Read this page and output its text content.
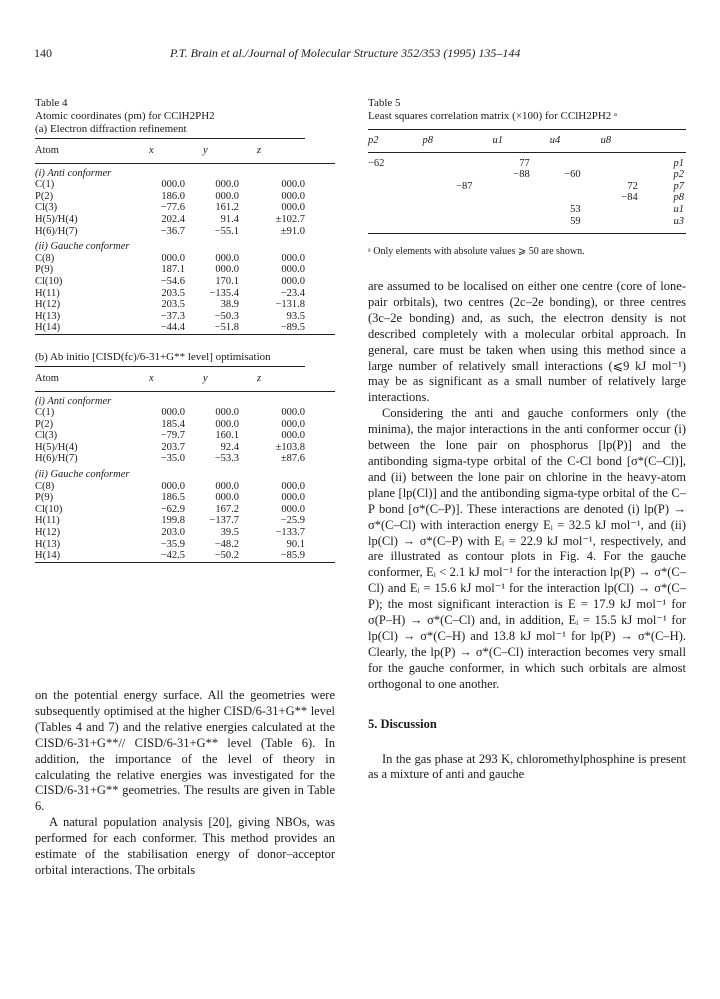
140	P.T. Brain et al./Journal of Molecular Structure 352/353 (1995) 135–144
Table 4
Atomic coordinates (pm) for CClH2PH2
(a) Electron diffraction refinement
Atom	x	y	z	
(i) Anti conformer				
C(1)	000.0	000.0	000.0	
P(2)	186.0	000.0	000.0	
Cl(3)	−77.6	161.2	000.0	
H(5)/H(4)	202.4	91.4	±102.7	
H(6)/H(7)	−36.7	−55.1	±91.0	
(ii) Gauche conformer				
C(8)	000.0	000.0	000.0	
P(9)	187.1	000.0	000.0	
Cl(10)	−54.6	170.1	000.0	
H(11)	203.5	−135.4	−23.4	
H(12)	203.5	38.9	−131.8	
H(13)	−37.3	−50.3	93.5	
H(14)	−44.4	−51.8	−89.5	

(b) Ab initio [CISD(fc)/6-31+G** level] optimisation
Atom	x	y	z	
(i) Anti conformer				
C(1)	000.0	000.0	000.0	
P(2)	185.4	000.0	000.0	
Cl(3)	−79.7	160.1	000.0	
H(5)/H(4)	203.7	92.4	±103.8	
H(6)/H(7)	−35.0	−53.3	±87.6	
(ii) Gauche conformer				
C(8)	000.0	000.0	000.0	
P(9)	186.5	000.0	000.0	
Cl(10)	−62.9	167.2	000.0	
H(11)	199.8	−137.7	−25.9	
H(12)	203.0	39.5	−133.7	
H(13)	−35.9	−48.2	90.1	
H(14)	−42.5	−50.2	−85.9	

on the potential energy surface. All the geometries were subsequently optimised at the higher CISD/6-31+G** level (Tables 4 and 7) and the relative energies calculated at the CISD/6-31+G**// CISD/6-31+G** level (Table 6). In addition, the importance of the level of theory in calculating the relative energies was investigated for the CISD/6-31+G** geometries. The results are given in Table 6.

A natural population analysis [20], giving NBOs, was performed for each conformer. This method provides an estimate of the stabilisation energy of donor–acceptor orbital interactions. The orbitals

Table 5
Least squares correlation matrix (×100) for CClH2PH2 ᵃ
p2	p8	u1	u4	u8	
−62		77			p1
		−88	−60		p2
	−87			72	p7
				−84	p8
			53		u1
			59		u3

ᵃ Only elements with absolute values ⩾ 50 are shown.

are assumed to be localised on either one centre (core of lone-pair orbitals), two centres (2c–2e bonding), or three centres (3c–2e bonding) and, as such, the electron density is not described completely with a molecular orbital approach. In general, care must be taken when using this method since a large number of relatively small interactions (⩽9 kJ mol⁻¹) may be as significant as a small number of relatively large interactions.

Considering the anti and gauche conformers only (the minima), the major interactions in the anti conformer occur (i) between the lone pair on phosphorus [lp(P)] and the antibonding sigma-type orbital of the C-Cl bond [σ*(C–Cl)], and (ii) between the lone pair on chlorine in the heavy-atom plane [lp(Cl)] and the antibonding sigma-type orbital of the C–P bond [σ*(C–P)]. These interactions are denoted (i) lp(P) → σ*(C–Cl) with interaction energy Eᵢ = 32.5 kJ mol⁻¹, and (ii) lp(Cl) → σ*(C–P) with Eᵢ = 22.9 kJ mol⁻¹, respectively, and are illustrated as contour plots in Fig. 4. For the gauche conformer, Eᵢ < 2.1 kJ mol⁻¹ for the interaction lp(P) → σ*(C–Cl) and Eᵢ = 15.6 kJ mol⁻¹ for the interaction lp(Cl) → σ*(C–P); the most significant interaction is E = 17.9 kJ mol⁻¹ for σ(P–H) → σ*(C–Cl) and, in addition, Eᵢ = 15.5 kJ mol⁻¹ for lp(Cl) → σ*(C–H) and 13.8 kJ mol⁻¹ for lp(P) → σ*(C–H). Clearly, the lp(P) → σ*(C–Cl) interaction becomes very small for the gauche conformer, in which such orbitals are almost orthogonal to one another.

5. Discussion

In the gas phase at 293 K, chloromethylphosphine is present as a mixture of anti and gauche
